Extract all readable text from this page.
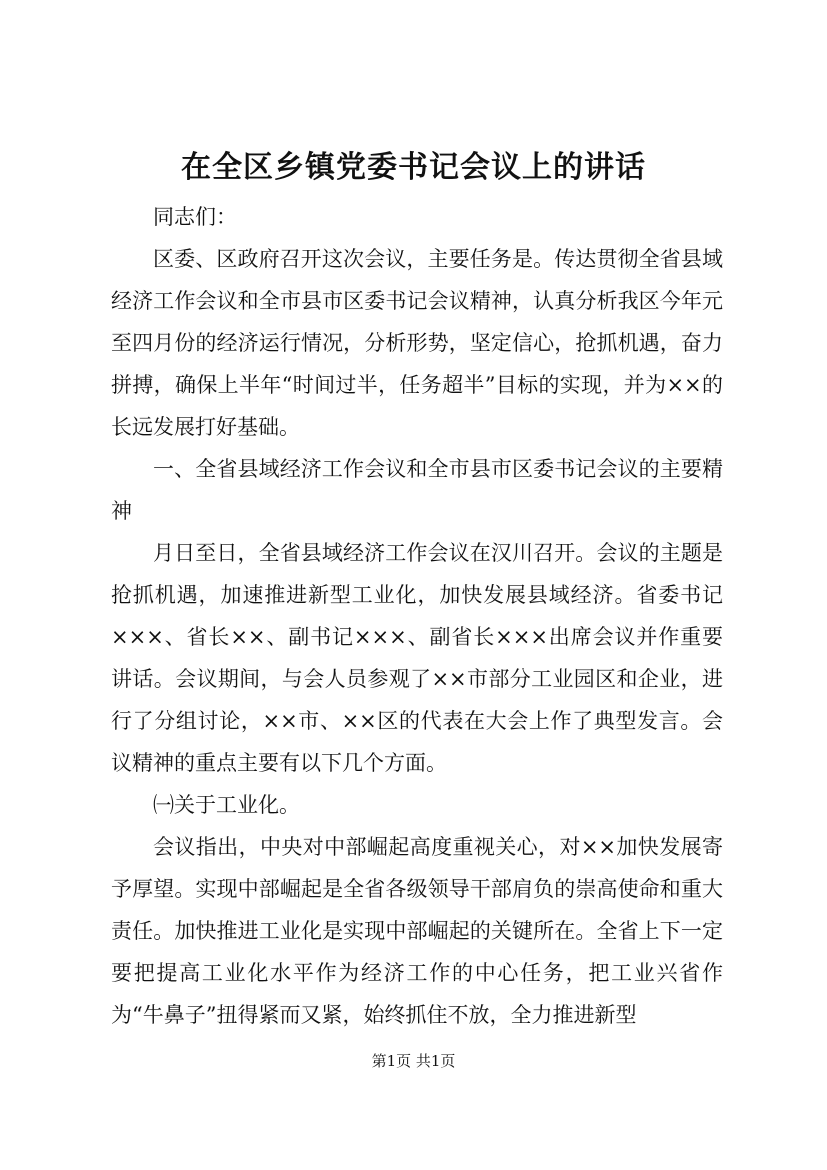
在全区乡镇党委书记会议上的讲话

同志们：

区委、区政府召开这次会议，主要任务是。传达贯彻全省县域经济工作会议和全市县市区委书记会议精神，认真分析我区今年元至四月份的经济运行情况，分析形势，坚定信心，抢抓机遇，奋力拼搏，确保上半年“时间过半，任务超半”目标的实现，并为××的长远发展打好基础。

一、全省县域经济工作会议和全市县市区委书记会议的主要精神

月日至日，全省县域经济工作会议在汉川召开。会议的主题是抢抓机遇，加速推进新型工业化，加快发展县域经济。省委书记×××、省长××、副书记×××、副省长×××出席会议并作重要讲话。会议期间，与会人员参观了××市部分工业园区和企业，进行了分组讨论，××市、××区的代表在大会上作了典型发言。会议精神的重点主要有以下几个方面。

㈠关于工业化。

会议指出，中央对中部崛起高度重视关心，对××加快发展寄予厚望。实现中部崛起是全省各级领导干部肩负的崇高使命和重大责任。加快推进工业化是实现中部崛起的关键所在。全省上下一定要把提高工业化水平作为经济工作的中心任务，把工业兴省作为“牛鼻子”扭得紧而又紧，始终抓住不放，全力推进新型

第1页 共1页
